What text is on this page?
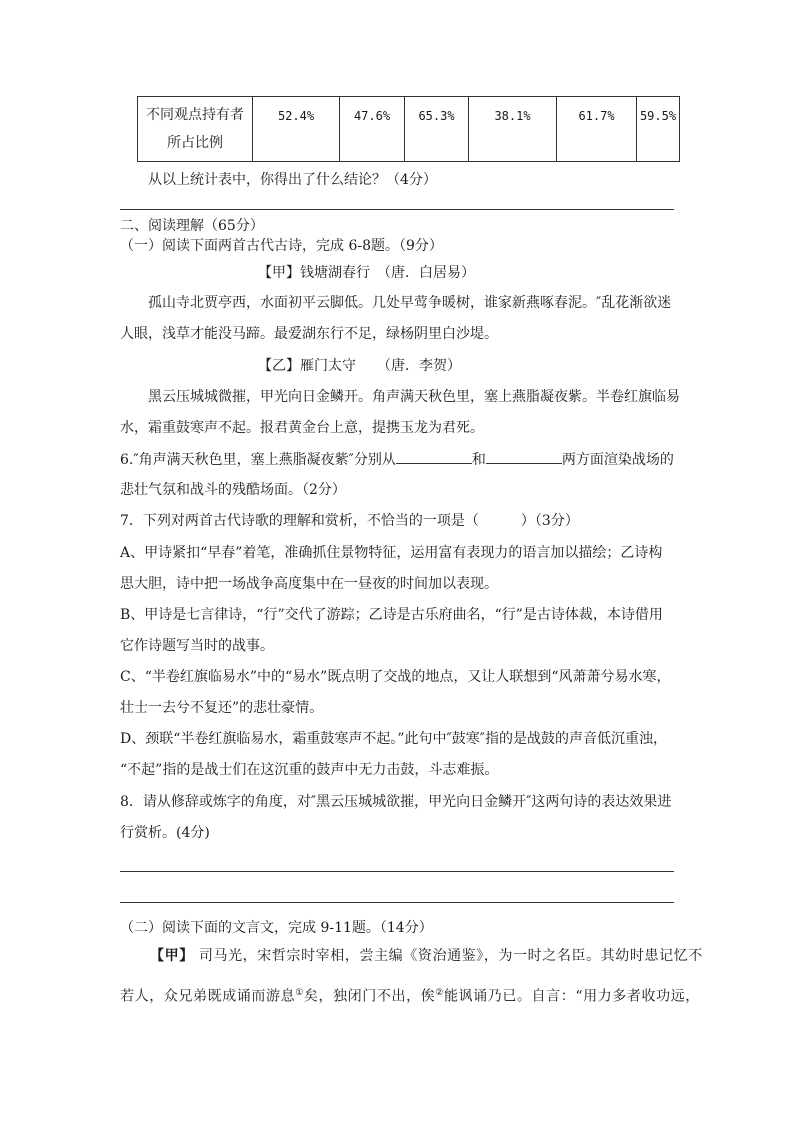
不同观点持有者
所占比例
	52.4%	47.6%	65.3%	38.1%	61.7%	59.5%
从以上统计表中，你得出了什么结论？（4分）
二、阅读理解（65分）
（一）阅读下面两首古代古诗，完成 6-8题。（9分）
【甲】钱塘湖春行　（唐．白居易）
孤山寺北贾亭西，水面初平云脚低。几处早莺争暖树，谁家新燕啄春泥。″乱花渐欲迷
人眼，浅草才能没马蹄。最爱湖东行不足，绿杨阴里白沙堤。
【乙】雁门太守　　（唐．李贺）
黑云压城城微摧，甲光向日金鳞开。角声满天秋色里，塞上燕脂凝夜紫。半卷红旗临易
水，霜重鼓寒声不起。报君黄金台上意，提携玉龙为君死。
6.″角声满天秋色里，塞上燕脂凝夜紫″分别从	和	两方面渲染战场的
悲壮气氛和战斗的残酷场面。（2分）
7．下列对两首古代诗歌的理解和赏析，不恰当的一项是（　　　）（3分）
A、甲诗紧扣“早春”着笔，准确抓住景物特征，运用富有表现力的语言加以描绘；乙诗构
思大胆，诗中把一场战争高度集中在一昼夜的时间加以表现。
B、甲诗是七言律诗，“行”交代了游踪；乙诗是古乐府曲名，“行”是古诗体裁，本诗借用
它作诗题写当时的战事。
C、“半卷红旗临易水”中的“易水”既点明了交战的地点，又让人联想到“风萧萧兮易水寒，
壮士一去兮不复还”的悲壮豪情。
D、颈联“半卷红旗临易水，霜重鼓寒声不起。”此句中″鼓寒″指的是战鼓的声音低沉重浊，
“不起”指的是战士们在这沉重的鼓声中无力击鼓，斗志难振。
8．请从修辞或炼字的角度，对″黑云压城城欲摧，甲光向日金鳞开″这两句诗的表达效果进
行赏析。(4分)
（二）阅读下面的文言文，完成 9-11题。（14分）
【甲】 司马光，宋哲宗时宰相，尝主编《资治通鉴》，为一时之名臣。其幼时患记忆不
若人，众兄弟既成诵而游息①矣，独闭门不出，俟②能讽诵乃已。自言：“用力多者收功远，
